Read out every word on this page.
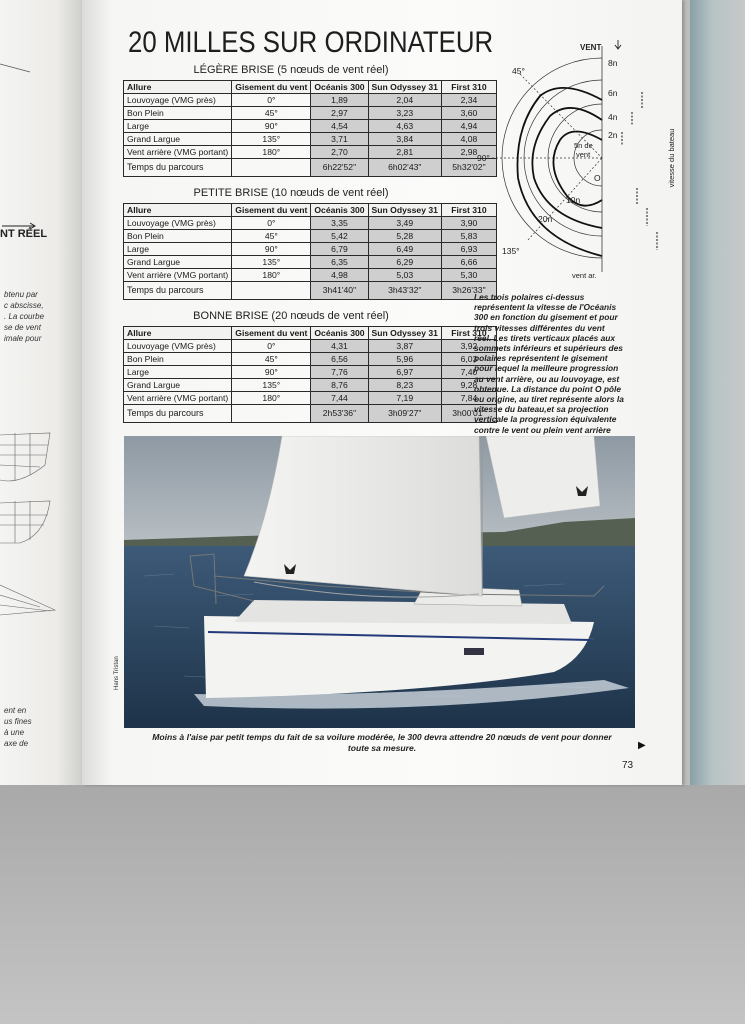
NT RÉEL
btenu par
c abscisse,
. La courbe
se de vent
imale pour
ent en
us fines
à une
axe de
20 MILLES SUR ORDINATEUR
LÉGÈRE BRISE (5 nœuds de vent réel)
Allure	Gisement du vent	Océanis 300	Sun Odyssey 31	First 310
Louvoyage (VMG près)	0°	1,89	2,04	2,34
Bon Plein	45°	2,97	3,23	3,60
Large	90°	4,54	4,63	4,94
Grand Largue	135°	3,71	3,84	4,08
Vent arrière (VMG portant)	180°	2,70	2,81	2,98
Temps du parcours		6h22'52"	6h02'43"	5h32'02"
PETITE BRISE (10 nœuds de vent réel)
Allure	Gisement du vent	Océanis 300	Sun Odyssey 31	First 310
Louvoyage (VMG près)	0°	3,35	3,49	3,90
Bon Plein	45°	5,42	5,28	5,83
Large	90°	6,79	6,49	6,93
Grand Largue	135°	6,35	6,29	6,66
Vent arrière (VMG portant)	180°	4,98	5,03	5,30
Temps du parcours		3h41'40"	3h43'32"	3h26'33"
BONNE BRISE (20 nœuds de vent réel)
Allure	Gisement du vent	Océanis 300	Sun Odyssey 31	First 310
Louvoyage (VMG près)	0°	4,31	3,87	3,92
Bon Plein	45°	6,56	5,96	6,03
Large	90°	7,76	6,97	7,40
Grand Largue	135°	8,76	8,23	9,28
Vent arrière (VMG portant)	180°	7,44	7,19	7,84
Temps du parcours		2h53'36"	3h09'27"	3h00'01"
VENT
8n
6n
4n
2n
45°
90°
135°
5n de
vent
10n
20n
O
vent ar.
vitesse du bateau
Les trois polaires ci-dessus représentent la vitesse de l'Océanis 300 en fonction du gisement et pour trois vitesses différentes du vent réel. Les tirets verticaux placés aux sommets inférieurs et supérieurs des polaires représentent le gisement pour lequel la meilleure progression au vent arrière, ou au louvoyage, est obtenue. La distance du point O pôle ou origine, au tiret représente alors la vitesse du bateau,et sa projection verticale la progression équivalente contre le vent ou plein vent arrière
Hans Tristan
Moins à l'aise par petit temps du fait de sa voilure modérée, le 300 devra attendre 20 nœuds de vent pour donner toute sa mesure.	▶
73
